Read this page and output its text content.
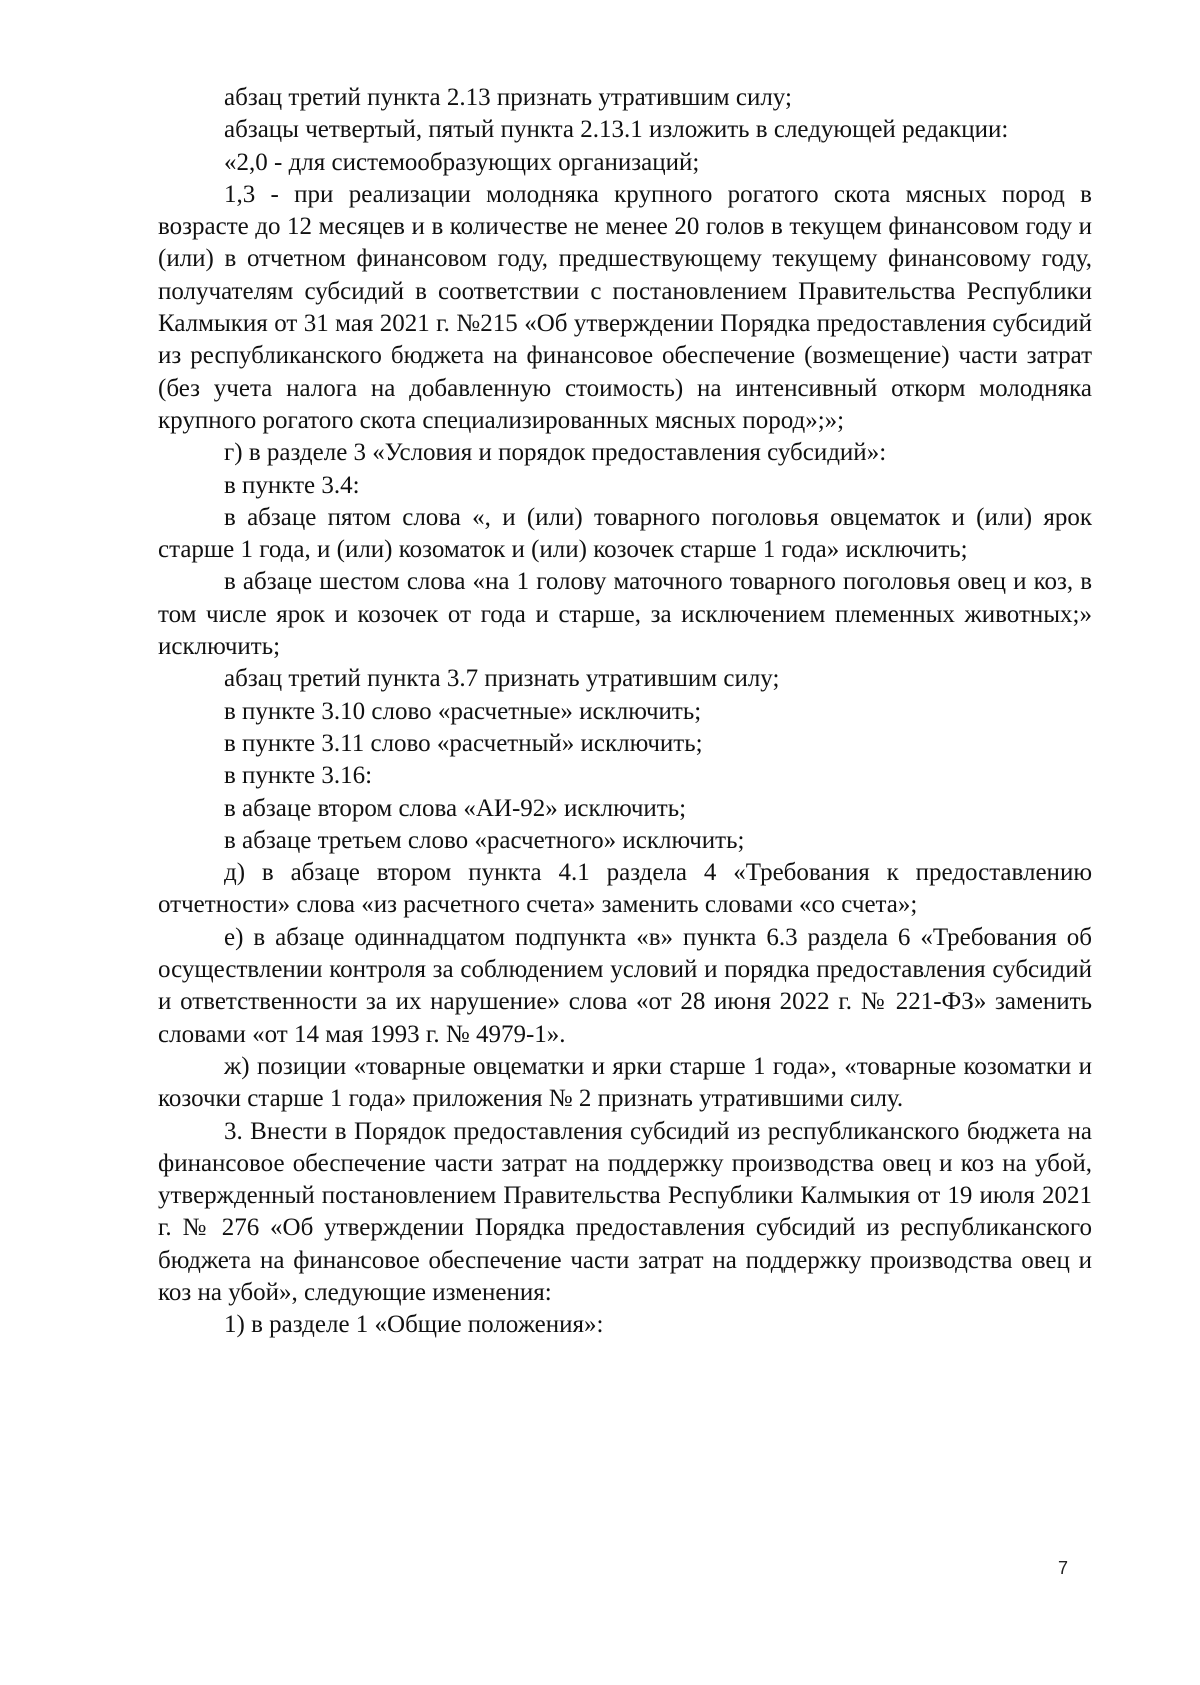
абзац третий пункта 2.13 признать утратившим силу;

абзацы четвертый, пятый пункта 2.13.1 изложить в следующей редакции:

«2,0 - для системообразующих организаций;

1,3 - при реализации молодняка крупного рогатого скота мясных пород в возрасте до 12 месяцев и в количестве не менее 20 голов в текущем финансовом году и (или) в отчетном финансовом году, предшествующему текущему финансовому году, получателям субсидий в соответствии с постановлением Правительства Республики Калмыкия от 31 мая 2021 г. №215 «Об утверждении Порядка предоставления субсидий из республиканского бюджета на финансовое обеспечение (возмещение) части затрат (без учета налога на добавленную стоимость) на интенсивный откорм молодняка крупного рогатого скота специализированных мясных пород»;»;

г) в разделе 3 «Условия и порядок предоставления субсидий»:

в пункте 3.4:

в абзаце пятом слова «, и (или) товарного поголовья овцематок и (или) ярок старше 1 года, и (или) козоматок и (или) козочек старше 1 года» исключить;

в абзаце шестом слова «на 1 голову маточного товарного поголовья овец и коз, в том числе ярок и козочек от года и старше, за исключением племенных животных;» исключить;

абзац третий пункта 3.7 признать утратившим силу;

в пункте 3.10 слово «расчетные» исключить;

в пункте 3.11 слово «расчетный» исключить;

в пункте 3.16:

в абзаце втором слова «АИ-92» исключить;

в абзаце третьем слово «расчетного» исключить;

д) в абзаце втором пункта 4.1 раздела 4 «Требования к предоставлению отчетности» слова «из расчетного счета» заменить словами «со счета»;

е) в абзаце одиннадцатом подпункта «в» пункта 6.3 раздела 6 «Требования об осуществлении контроля за соблюдением условий и порядка предоставления субсидий и ответственности за их нарушение» слова «от 28 июня 2022 г. № 221-ФЗ» заменить словами «от 14 мая 1993 г. № 4979-1».

ж) позиции «товарные овцематки и ярки старше 1 года», «товарные козоматки и козочки старше 1 года» приложения № 2 признать утратившими силу.

3. Внести в Порядок предоставления субсидий из республиканского бюджета на финансовое обеспечение части затрат на поддержку производства овец и коз на убой, утвержденный постановлением Правительства Республики Калмыкия от 19 июля 2021 г. № 276 «Об утверждении Порядка предоставления субсидий из республиканского бюджета на финансовое обеспечение части затрат на поддержку производства овец и коз на убой», следующие изменения:

1) в разделе 1 «Общие положения»:

7
